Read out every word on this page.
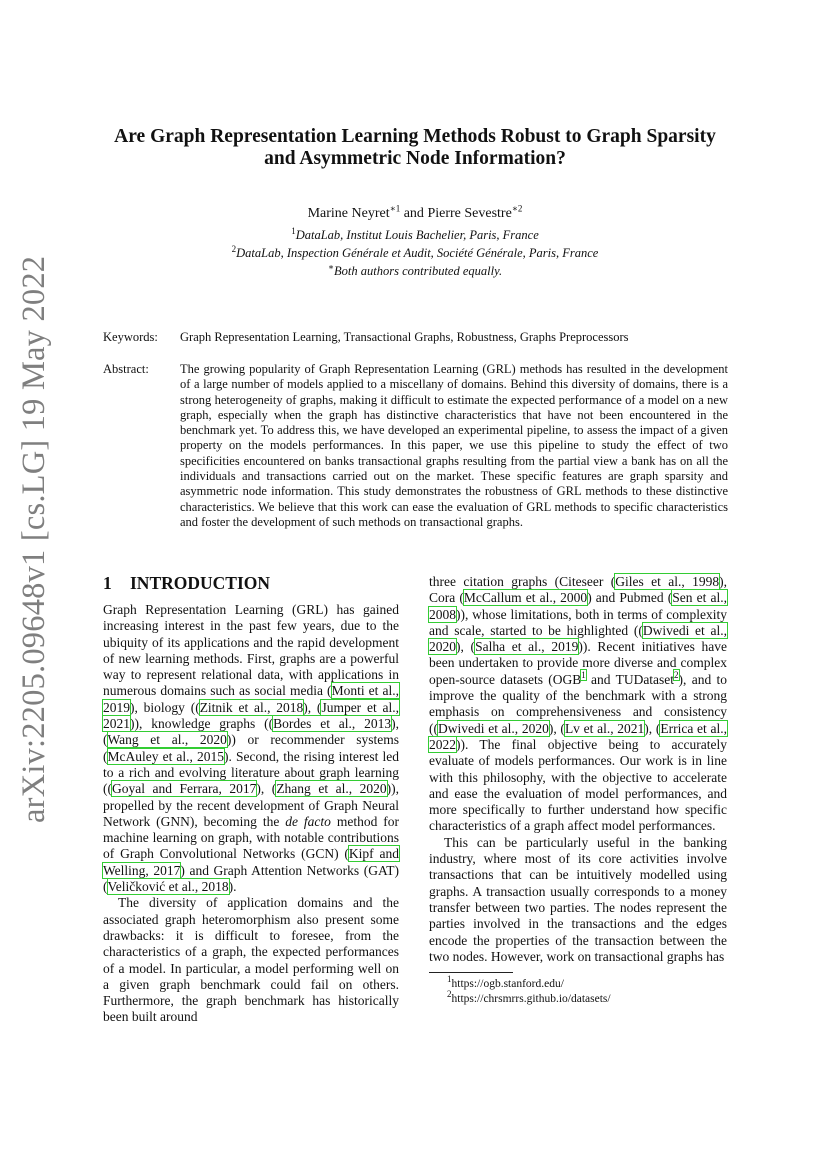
arXiv:2205.09648v1 [cs.LG] 19 May 2022
Are Graph Representation Learning Methods Robust to Graph Sparsity
and Asymmetric Node Information?
Marine Neyret$^{∗1}$ and Pierre Sevestre$^{∗2}$
$^1$DataLab, Institut Louis Bachelier, Paris, France
$^2$DataLab, Inspection Générale et Audit, Société Générale, Paris, France
∗Both authors contributed equally.
Keywords: Graph Representation Learning, Transactional Graphs, Robustness, Graphs Preprocessors
Abstract: The growing popularity of Graph Representation Learning (GRL) methods has resulted in the development of a large number of models applied to a miscellany of domains. Behind this diversity of domains, there is a strong heterogeneity of graphs, making it difficult to estimate the expected performance of a model on a new graph, especially when the graph has distinctive characteristics that have not been encountered in the benchmark yet. To address this, we have developed an experimental pipeline, to assess the impact of a given property on the models performances. In this paper, we use this pipeline to study the effect of two specificities encountered on banks transactional graphs resulting from the partial view a bank has on all the individuals and transactions carried out on the market. These specific features are graph sparsity and asymmetric node information. This study demonstrates the robustness of GRL methods to these distinctive characteristics. We believe that this work can ease the evaluation of GRL methods to specific characteristics and foster the development of such methods on transactional graphs.
1 INTRODUCTION

Graph Representation Learning (GRL) has gained increasing interest in the past few years, due to the ubiquity of its applications and the rapid development of new learning methods. First, graphs are a powerful way to represent relational data, with applications in numerous domains such as social media (Monti et al., 2019), biology ((Zitnik et al., 2018), (Jumper et al., 2021)), knowledge graphs ((Bordes et al., 2013), (Wang et al., 2020)) or recommender systems (McAuley et al., 2015). Second, the rising interest led to a rich and evolving literature about graph learning ((Goyal and Ferrara, 2017), (Zhang et al., 2020)), propelled by the recent development of Graph Neural Network (GNN), becoming the de facto method for machine learning on graph, with notable contributions of Graph Convolutional Networks (GCN) (Kipf and Welling, 2017) and Graph Attention Networks (GAT) (Veličković et al., 2018).

The diversity of application domains and the associated graph heteromorphism also present some drawbacks: it is difficult to foresee, from the characteristics of a graph, the expected performances of a model. In particular, a model performing well on a given graph benchmark could fail on others. Furthermore, the graph benchmark has historically been built around

three citation graphs (Citeseer (Giles et al., 1998), Cora (McCallum et al., 2000) and Pubmed (Sen et al., 2008)), whose limitations, both in terms of complexity and scale, started to be highlighted ((Dwivedi et al., 2020), (Salha et al., 2019)). Recent initiatives have been undertaken to provide more diverse and complex open-source datasets (OGB$^1$ and TUDataset$^2$), and to improve the quality of the benchmark with a strong emphasis on comprehensiveness and consistency ((Dwivedi et al., 2020), (Lv et al., 2021), (Errica et al., 2022)). The final objective being to accurately evaluate of models performances. Our work is in line with this philosophy, with the objective to accelerate and ease the evaluation of model performances, and more specifically to further understand how specific characteristics of a graph affect model performances.

This can be particularly useful in the banking industry, where most of its core activities involve transactions that can be intuitively modelled using graphs. A transaction usually corresponds to a money transfer between two parties. The nodes represent the parties involved in the transactions and the edges encode the properties of the transaction between the two nodes. However, work on transactional graphs has

$^1$https://ogb.stanford.edu/
$^2$https://chrsmrrs.github.io/datasets/
